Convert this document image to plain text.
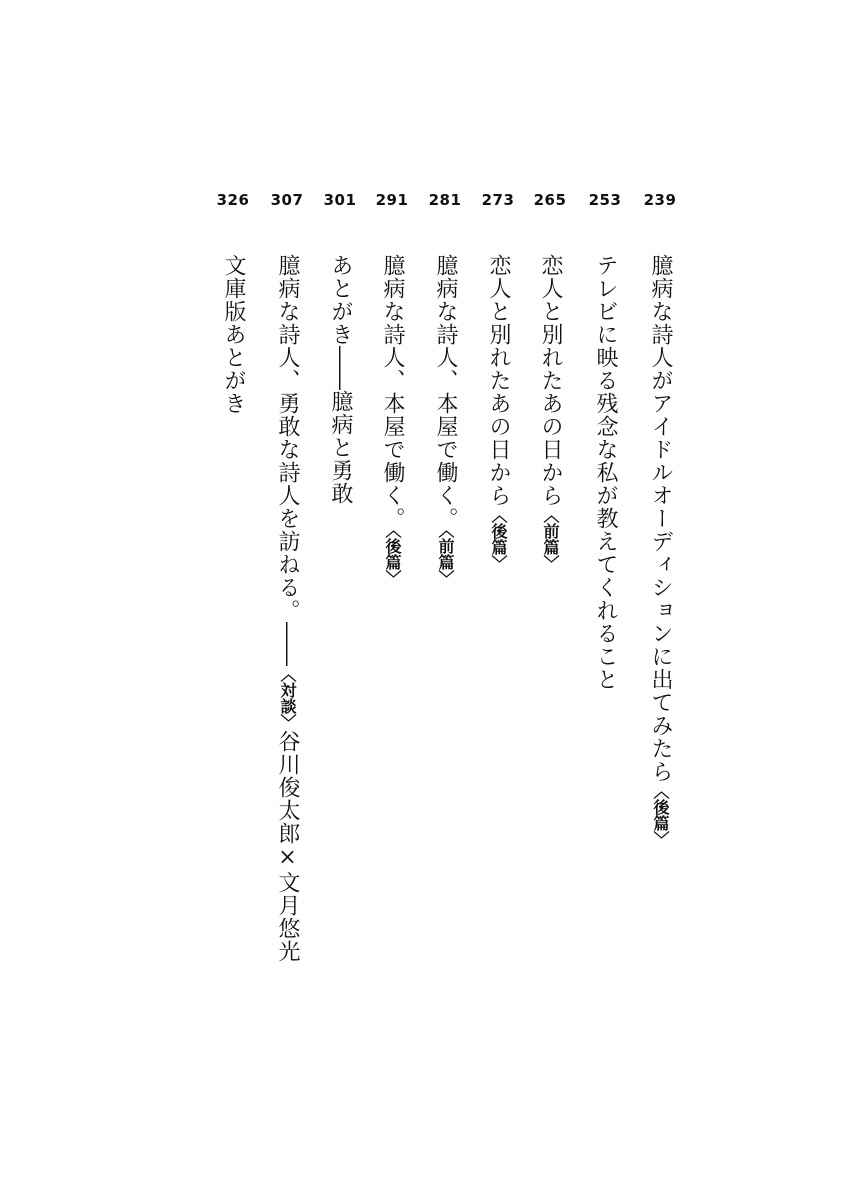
239
臆病な詩人がアイドルオーディションに出てみたら〈後篇〉
253
テレビに映る残念な私が教えてくれること
265
恋人と別れたあの日から〈前篇〉
273
恋人と別れたあの日から〈後篇〉
281
臆病な詩人、本屋で働く。〈前篇〉
291
臆病な詩人、本屋で働く。〈後篇〉
301
あとがき――臆病と勇敢
307
臆病な詩人、勇敢な詩人を訪ねる。――〈対談〉谷川俊太郎×文月悠光
326
文庫版あとがき
